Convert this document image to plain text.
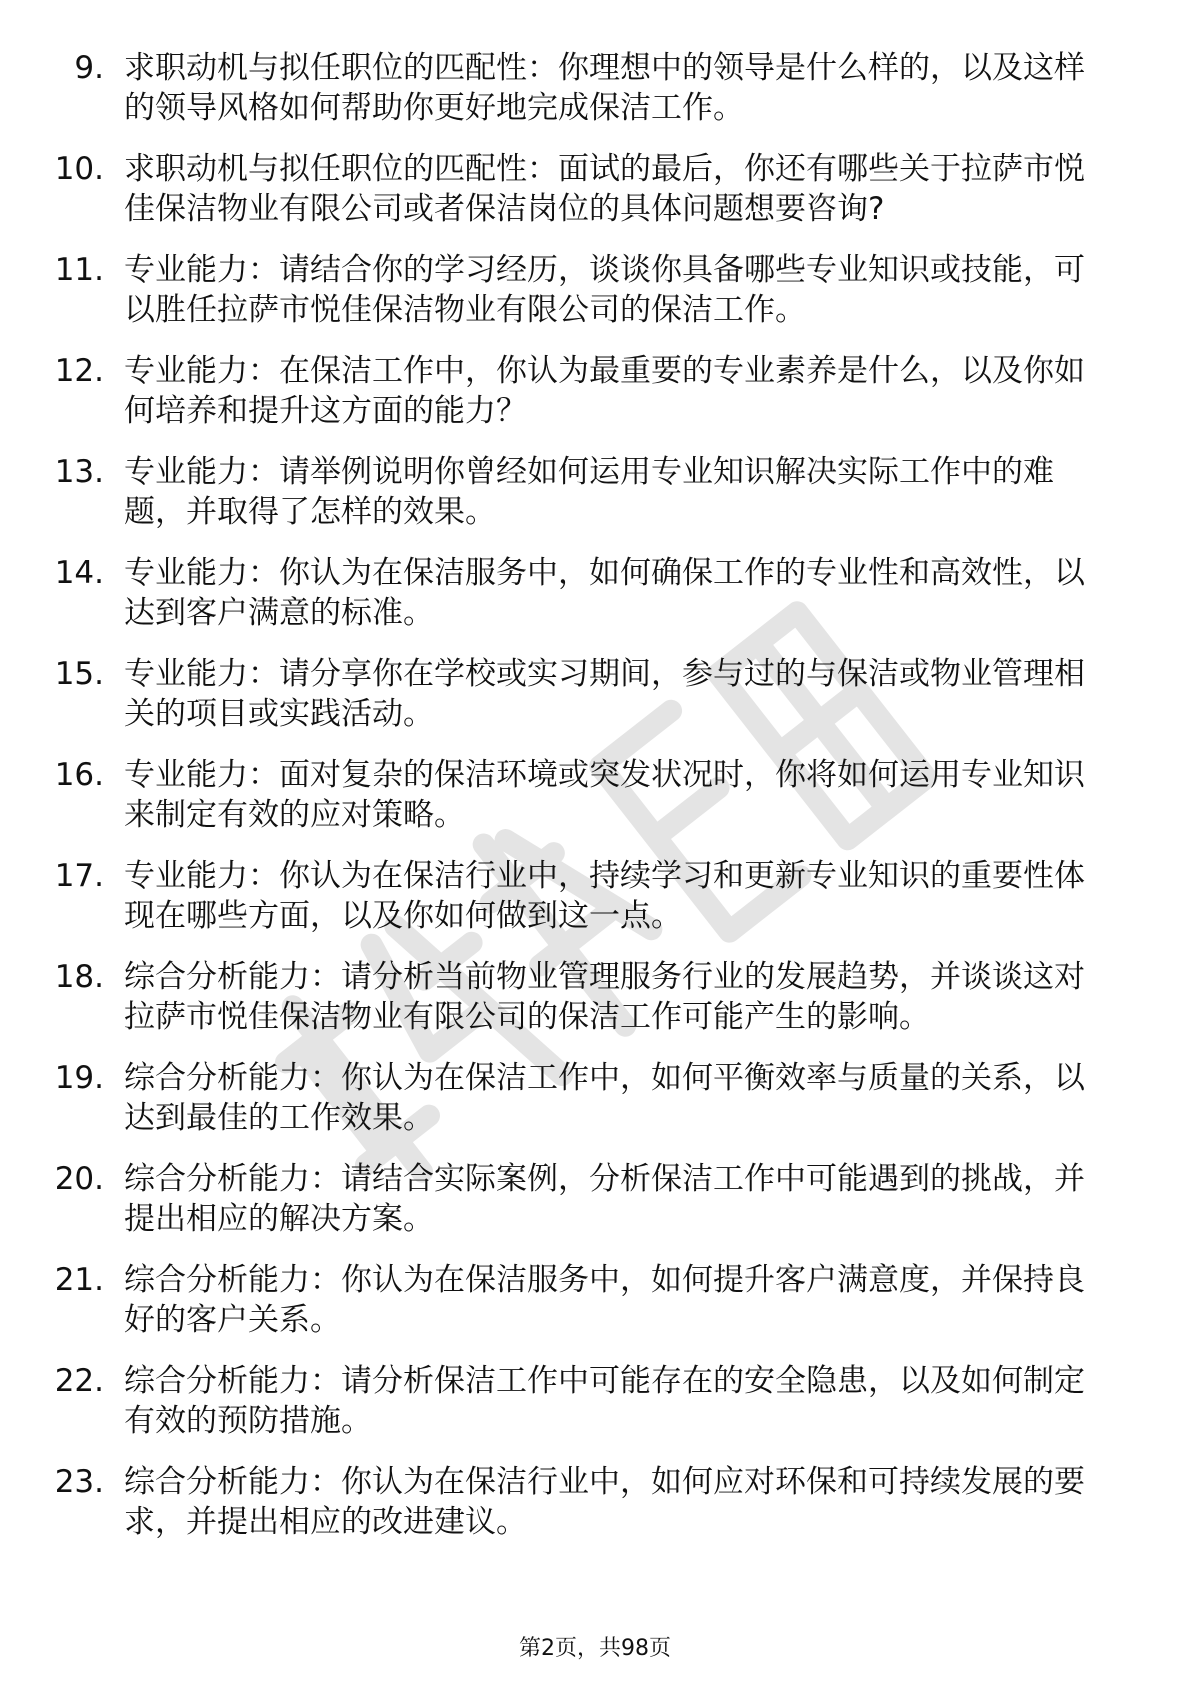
9. 求职动机与拟任职位的匹配性：你理想中的领导是什么样的，以及这样的领导风格如何帮助你更好地完成保洁工作。
10. 求职动机与拟任职位的匹配性：面试的最后，你还有哪些关于拉萨市悦佳保洁物业有限公司或者保洁岗位的具体问题想要咨询?
11. 专业能力：请结合你的学习经历，谈谈你具备哪些专业知识或技能，可以胜任拉萨市悦佳保洁物业有限公司的保洁工作。
12. 专业能力：在保洁工作中，你认为最重要的专业素养是什么，以及你如何培养和提升这方面的能力？
13. 专业能力：请举例说明你曾经如何运用专业知识解决实际工作中的难题，并取得了怎样的效果。
14. 专业能力：你认为在保洁服务中，如何确保工作的专业性和高效性，以达到客户满意的标准。
15. 专业能力：请分享你在学校或实习期间，参与过的与保洁或物业管理相关的项目或实践活动。
16. 专业能力：面对复杂的保洁环境或突发状况时，你将如何运用专业知识来制定有效的应对策略。
17. 专业能力：你认为在保洁行业中，持续学习和更新专业知识的重要性体现在哪些方面，以及你如何做到这一点。
18. 综合分析能力：请分析当前物业管理服务行业的发展趋势，并谈谈这对拉萨市悦佳保洁物业有限公司的保洁工作可能产生的影响。
19. 综合分析能力：你认为在保洁工作中，如何平衡效率与质量的关系，以达到最佳的工作效果。
20. 综合分析能力：请结合实际案例，分析保洁工作中可能遇到的挑战，并提出相应的解决方案。
21. 综合分析能力：你认为在保洁服务中，如何提升客户满意度，并保持良好的客户关系。
22. 综合分析能力：请分析保洁工作中可能存在的安全隐患，以及如何制定有效的预防措施。
23. 综合分析能力：你认为在保洁行业中，如何应对环保和可持续发展的要求，并提出相应的改进建议。
第2页，共98页
